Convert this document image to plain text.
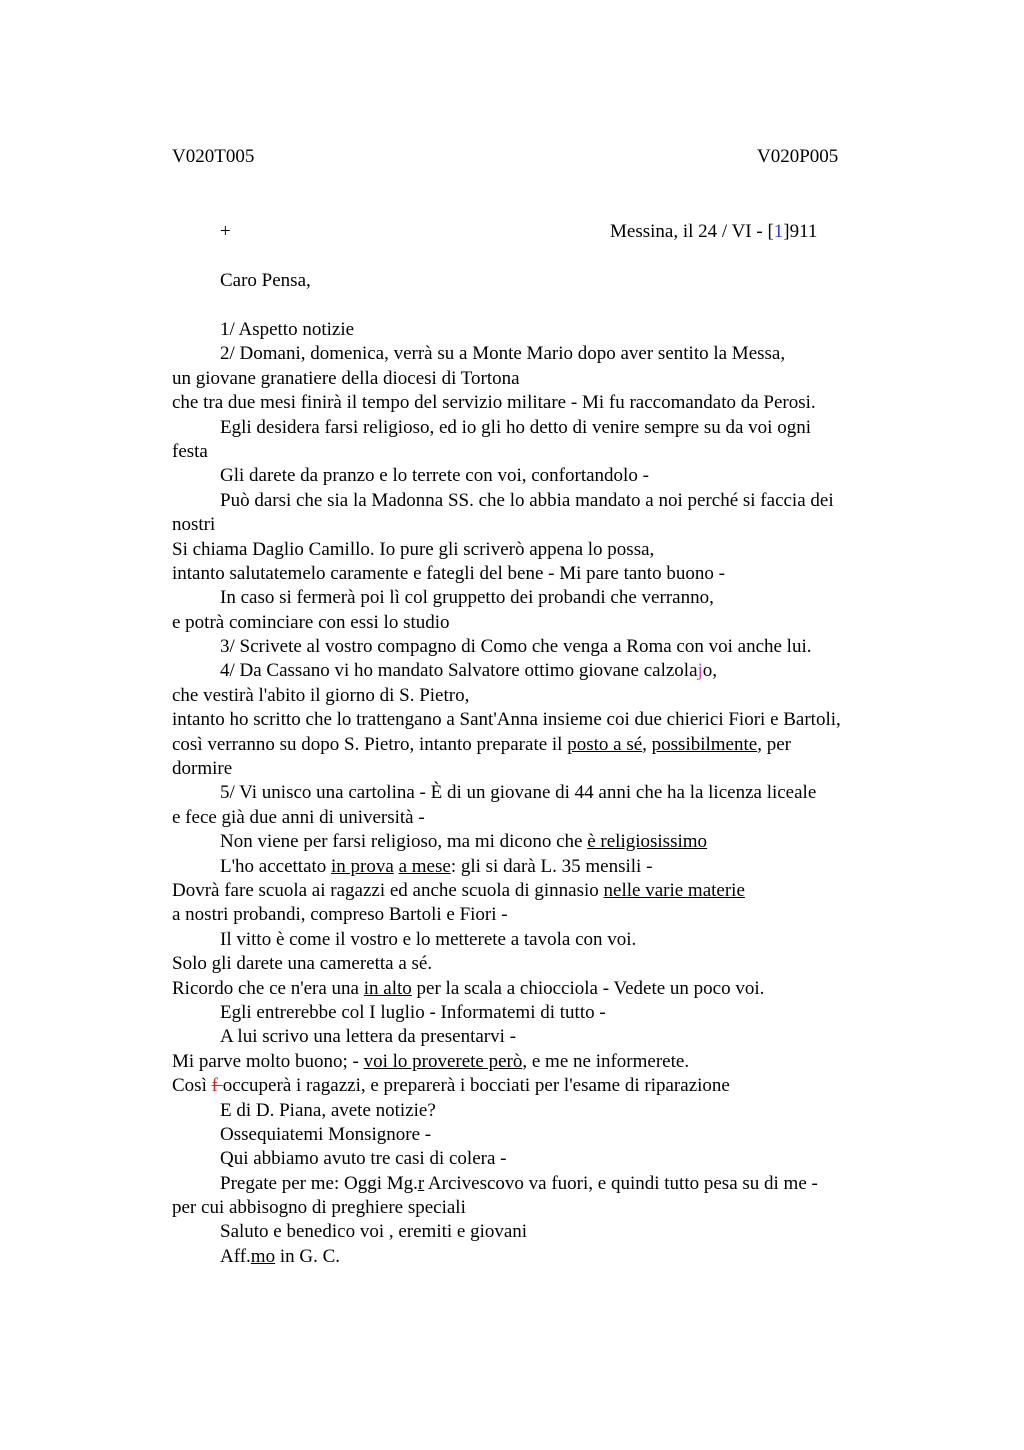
V020T005	V020P005
+	Messina, il 24 / VI - [1]911
Caro Pensa,
1/ Aspetto notizie
2/ Domani, domenica, verrà su a Monte Mario dopo aver sentito la Messa,
un giovane granatiere della diocesi di Tortona
che tra due mesi finirà il tempo del servizio militare - Mi fu raccomandato da Perosi.
Egli desidera farsi religioso, ed io gli ho detto di venire sempre su da voi ogni
festa
Gli darete da pranzo e lo terrete con voi, confortandolo -
Può darsi che sia la Madonna SS. che lo abbia mandato a noi perché si faccia dei
nostri
Si chiama Daglio Camillo. Io pure gli scriverò appena lo possa,
intanto salutatemelo caramente e fategli del bene - Mi pare tanto buono -
In caso si fermerà poi lì col gruppetto dei probandi che verranno,
e potrà cominciare con essi lo studio
3/ Scrivete al vostro compagno di Como che venga a Roma con voi anche lui.
4/ Da Cassano vi ho mandato Salvatore ottimo giovane calzolajo,
che vestirà l'abito il giorno di S. Pietro,
intanto ho scritto che lo trattengano a Sant'Anna insieme coi due chierici Fiori e Bartoli,
così verranno su dopo S. Pietro, intanto preparate il posto a sé, possibilmente, per
dormire
5/ Vi unisco una cartolina - È di un giovane di 44 anni che ha la licenza liceale
e fece già due anni di università -
Non viene per farsi religioso, ma mi dicono che è religiosissimo
L'ho accettato in prova a mese: gli si darà L. 35 mensili -
Dovrà fare scuola ai ragazzi ed anche scuola di ginnasio nelle varie materie
a nostri probandi, compreso Bartoli e Fiori -
Il vitto è come il vostro e lo metterete a tavola con voi.
Solo gli darete una cameretta a sé.
Ricordo che ce n'era una in alto per la scala a chiocciola - Vedete un poco voi.
Egli entrerebbe col I luglio - Informatemi di tutto -
A lui scrivo una lettera da presentarvi -
Mi parve molto buono; - voi lo proverete però, e me ne informerete.
Così f occuperà i ragazzi, e preparerà i bocciati per l'esame di riparazione
E di D. Piana, avete notizie?
Ossequiatemi Monsignore -
Qui abbiamo avuto tre casi di colera -
Pregate per me: Oggi Mg.r Arcivescovo va fuori, e quindi tutto pesa su di me -
per cui abbisogno di preghiere speciali
Saluto e benedico voi , eremiti e giovani
Aff.mo in G. C.
